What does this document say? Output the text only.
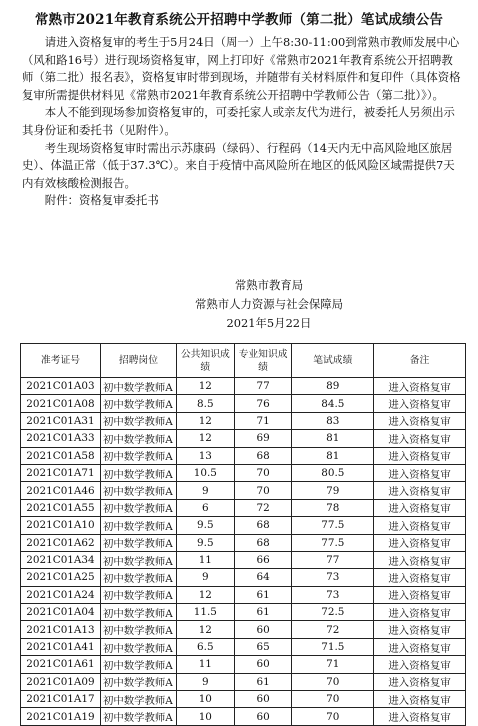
常熟市2021年教育系统公开招聘中学教师（第二批）笔试成绩公告

请进入资格复审的考生于5月24日（周一）上午8:30-11:00到常熟市教师发展中心（风和路16号）进行现场资格复审，网上打印好《常熟市2021年教育系统公开招聘教师（第二批）报名表》，资格复审时带到现场，并随带有关材料原件和复印件（具体资格复审所需提供材料见《常熟市2021年教育系统公开招聘中学教师公告（第二批）》）。

本人不能到现场参加资格复审的，可委托家人或亲友代为进行，被委托人另须出示其身份证和委托书（见附件）。

考生现场资格复审时需出示苏康码（绿码）、行程码（14天内无中高风险地区旅居史）、体温正常（低于37.3℃）。来自于疫情中高风险所在地区的低风险区域需提供7天内有效核酸检测报告。

附件：资格复审委托书

常熟市教育局
常熟市人力资源与社会保障局
2021年5月22日
准考证号	招聘岗位	公共知识成绩	专业知识成绩	笔试成绩	备注
2021C01A03	初中数学教师A	12	77	89	进入资格复审
2021C01A08	初中数学教师A	8.5	76	84.5	进入资格复审
2021C01A31	初中数学教师A	12	71	83	进入资格复审
2021C01A33	初中数学教师A	12	69	81	进入资格复审
2021C01A58	初中数学教师A	13	68	81	进入资格复审
2021C01A71	初中数学教师A	10.5	70	80.5	进入资格复审
2021C01A46	初中数学教师A	9	70	79	进入资格复审
2021C01A55	初中数学教师A	6	72	78	进入资格复审
2021C01A10	初中数学教师A	9.5	68	77.5	进入资格复审
2021C01A62	初中数学教师A	9.5	68	77.5	进入资格复审
2021C01A34	初中数学教师A	11	66	77	进入资格复审
2021C01A25	初中数学教师A	9	64	73	进入资格复审
2021C01A24	初中数学教师A	12	61	73	进入资格复审
2021C01A04	初中数学教师A	11.5	61	72.5	进入资格复审
2021C01A13	初中数学教师A	12	60	72	进入资格复审
2021C01A41	初中数学教师A	6.5	65	71.5	进入资格复审
2021C01A61	初中数学教师A	11	60	71	进入资格复审
2021C01A09	初中数学教师A	9	61	70	进入资格复审
2021C01A17	初中数学教师A	10	60	70	进入资格复审
2021C01A19	初中数学教师A	10	60	70	进入资格复审
